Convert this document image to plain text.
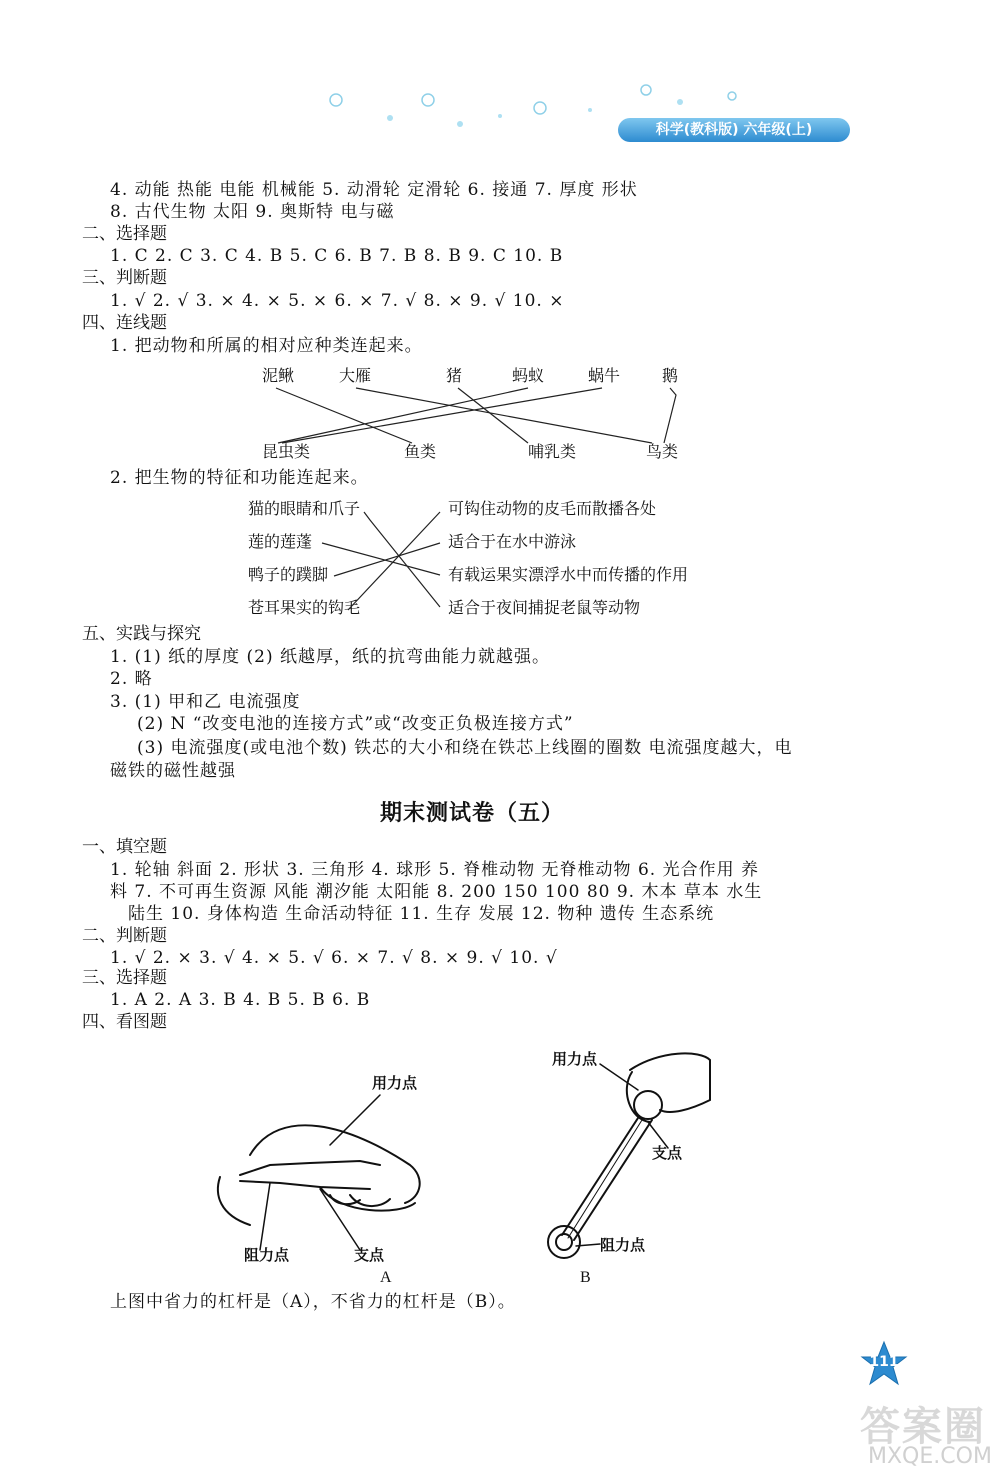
科学(教科版) 六年级(上)
4. 动能 热能 电能 机械能 5. 动滑轮 定滑轮 6. 接通 7. 厚度 形状
8. 古代生物 太阳 9. 奥斯特 电与磁
二、选择题
1. C 2. C 3. C 4. B 5. C 6. B 7. B 8. B 9. C 10. B
三、判断题
1. √ 2. √ 3. × 4. × 5. × 6. × 7. √ 8. × 9. √ 10. ×
四、连线题
1. 把动物和所属的相对应种类连起来。
泥鳅	大雁	猪	蚂蚁	蜗牛	鹅
昆虫类	鱼类	哺乳类	鸟类
2. 把生物的特征和功能连起来。
猫的眼睛和爪子
莲的莲蓬
鸭子的蹼脚
苍耳果实的钩毛
可钩住动物的皮毛而散播各处
适合于在水中游泳
有载运果实漂浮水中而传播的作用
适合于夜间捕捉老鼠等动物
五、实践与探究
1. (1) 纸的厚度 (2) 纸越厚，纸的抗弯曲能力就越强。
2. 略
3. (1) 甲和乙 电流强度
(2) N “改变电池的连接方式”或“改变正负极连接方式”
(3) 电流强度(或电池个数) 铁芯的大小和绕在铁芯上线圈的圈数 电流强度越大，电
磁铁的磁性越强
期末测试卷（五）
一、填空题
1. 轮轴 斜面 2. 形状 3. 三角形 4. 球形 5. 脊椎动物 无脊椎动物 6. 光合作用 养
料 7. 不可再生资源 风能 潮汐能 太阳能 8. 200 150 100 80 9. 木本 草本 水生
陆生 10. 身体构造 生命活动特征 11. 生存 发展 12. 物种 遗传 生态系统
二、判断题
1. √ 2. × 3. √ 4. × 5. √ 6. × 7. √ 8. × 9. √ 10. √
三、选择题
1. A 2. A 3. B 4. B 5. B 6. B
四、看图题
用力点
阻力点	支点
A
用力点
支点
阻力点
B
上图中省力的杠杆是（A），不省力的杠杆是（B）。
111
答案圈
MXQE.COM
